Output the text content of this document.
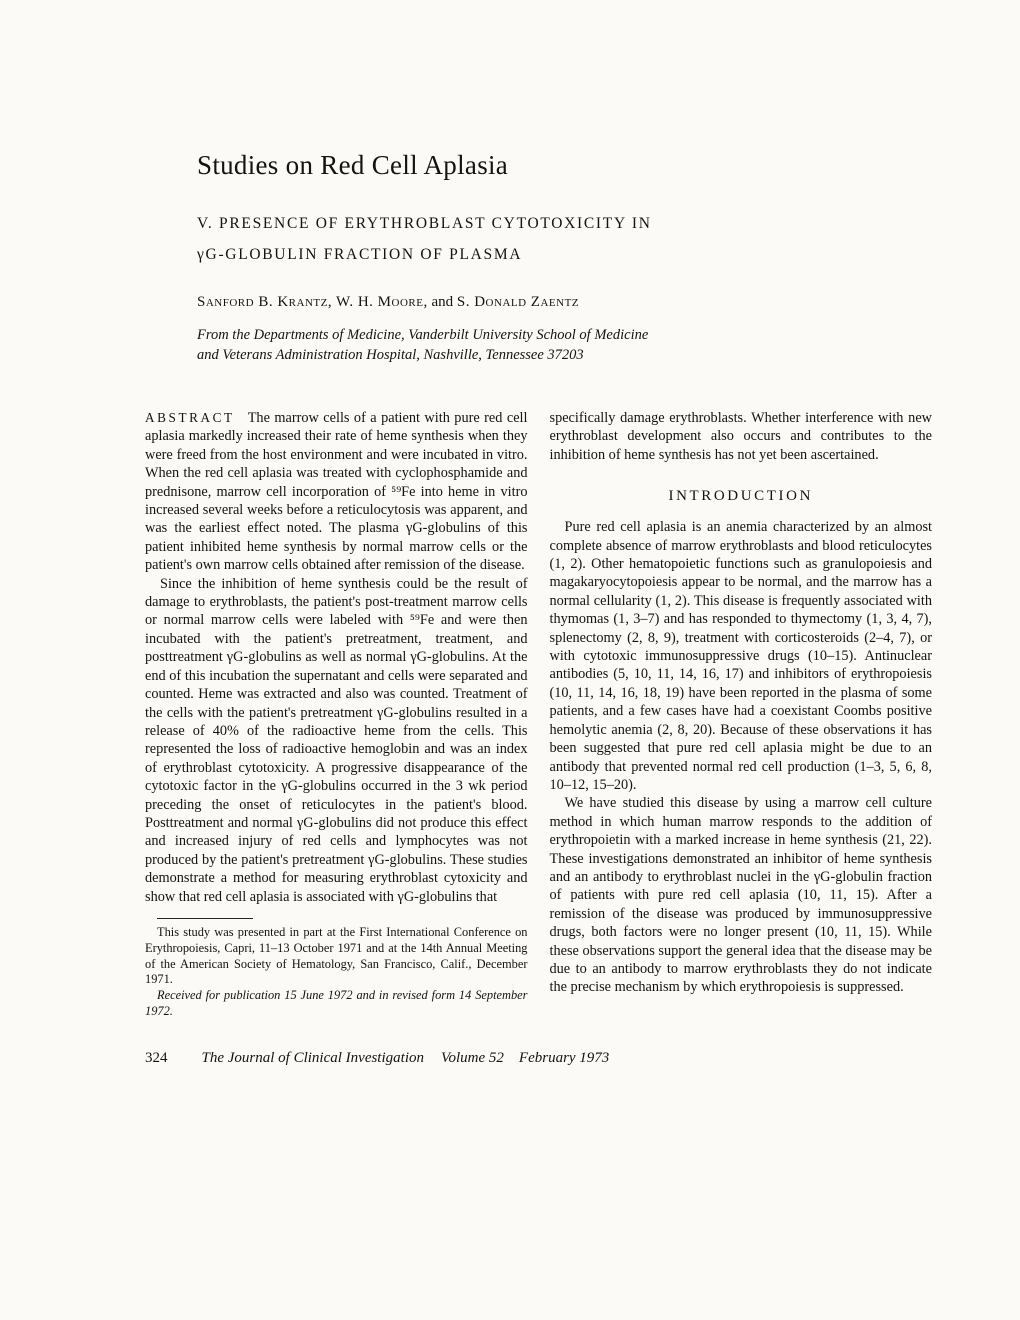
Studies on Red Cell Aplasia
V. PRESENCE OF ERYTHROBLAST CYTOTOXICITY IN
γG-GLOBULIN FRACTION OF PLASMA

Sanford B. Krantz, W. H. Moore, and S. Donald Zaentz

From the Departments of Medicine, Vanderbilt University School of Medicine
and Veterans Administration Hospital, Nashville, Tennessee 37203

ABSTRACT The marrow cells of a patient with pure red cell aplasia markedly increased their rate of heme synthesis when they were freed from the host environment and were incubated in vitro. When the red cell aplasia was treated with cyclophosphamide and prednisone, marrow cell incorporation of ⁵⁹Fe into heme in vitro increased several weeks before a reticulocytosis was apparent, and was the earliest effect noted. The plasma γG-globulins of this patient inhibited heme synthesis by normal marrow cells or the patient's own marrow cells obtained after remission of the disease.

Since the inhibition of heme synthesis could be the result of damage to erythroblasts, the patient's post-treatment marrow cells or normal marrow cells were labeled with ⁵⁹Fe and were then incubated with the patient's pretreatment, treatment, and posttreatment γG-globulins as well as normal γG-globulins. At the end of this incubation the supernatant and cells were separated and counted. Heme was extracted and also was counted. Treatment of the cells with the patient's pretreatment γG-globulins resulted in a release of 40% of the radioactive heme from the cells. This represented the loss of radioactive hemoglobin and was an index of erythroblast cytotoxicity. A progressive disappearance of the cytotoxic factor in the γG-globulins occurred in the 3 wk period preceding the onset of reticulocytes in the patient's blood. Posttreatment and normal γG-globulins did not produce this effect and increased injury of red cells and lymphocytes was not produced by the patient's pretreatment γG-globulins. These studies demonstrate a method for measuring erythroblast cytoxicity and show that red cell aplasia is associated with γG-globulins that

This study was presented in part at the First International Conference on Erythropoiesis, Capri, 11–13 October 1971 and at the 14th Annual Meeting of the American Society of Hematology, San Francisco, Calif., December 1971.

Received for publication 15 June 1972 and in revised form 14 September 1972.

specifically damage erythroblasts. Whether interference with new erythroblast development also occurs and contributes to the inhibition of heme synthesis has not yet been ascertained.

INTRODUCTION

Pure red cell aplasia is an anemia characterized by an almost complete absence of marrow erythroblasts and blood reticulocytes (1, 2). Other hematopoietic functions such as granulopoiesis and magakaryocytopoiesis appear to be normal, and the marrow has a normal cellularity (1, 2). This disease is frequently associated with thymomas (1, 3–7) and has responded to thymectomy (1, 3, 4, 7), splenectomy (2, 8, 9), treatment with corticosteroids (2–4, 7), or with cytotoxic immunosuppressive drugs (10–15). Antinuclear antibodies (5, 10, 11, 14, 16, 17) and inhibitors of erythropoiesis (10, 11, 14, 16, 18, 19) have been reported in the plasma of some patients, and a few cases have had a coexistant Coombs positive hemolytic anemia (2, 8, 20). Because of these observations it has been suggested that pure red cell aplasia might be due to an antibody that prevented normal red cell production (1–3, 5, 6, 8, 10–12, 15–20).

We have studied this disease by using a marrow cell culture method in which human marrow responds to the addition of erythropoietin with a marked increase in heme synthesis (21, 22). These investigations demonstrated an inhibitor of heme synthesis and an antibody to erythroblast nuclei in the γG-globulin fraction of patients with pure red cell aplasia (10, 11, 15). After a remission of the disease was produced by immunosuppressive drugs, both factors were no longer present (10, 11, 15). While these observations support the general idea that the disease may be due to an antibody to marrow erythroblasts they do not indicate the precise mechanism by which erythropoiesis is suppressed.

324 The Journal of Clinical Investigation Volume 52 February 1973
